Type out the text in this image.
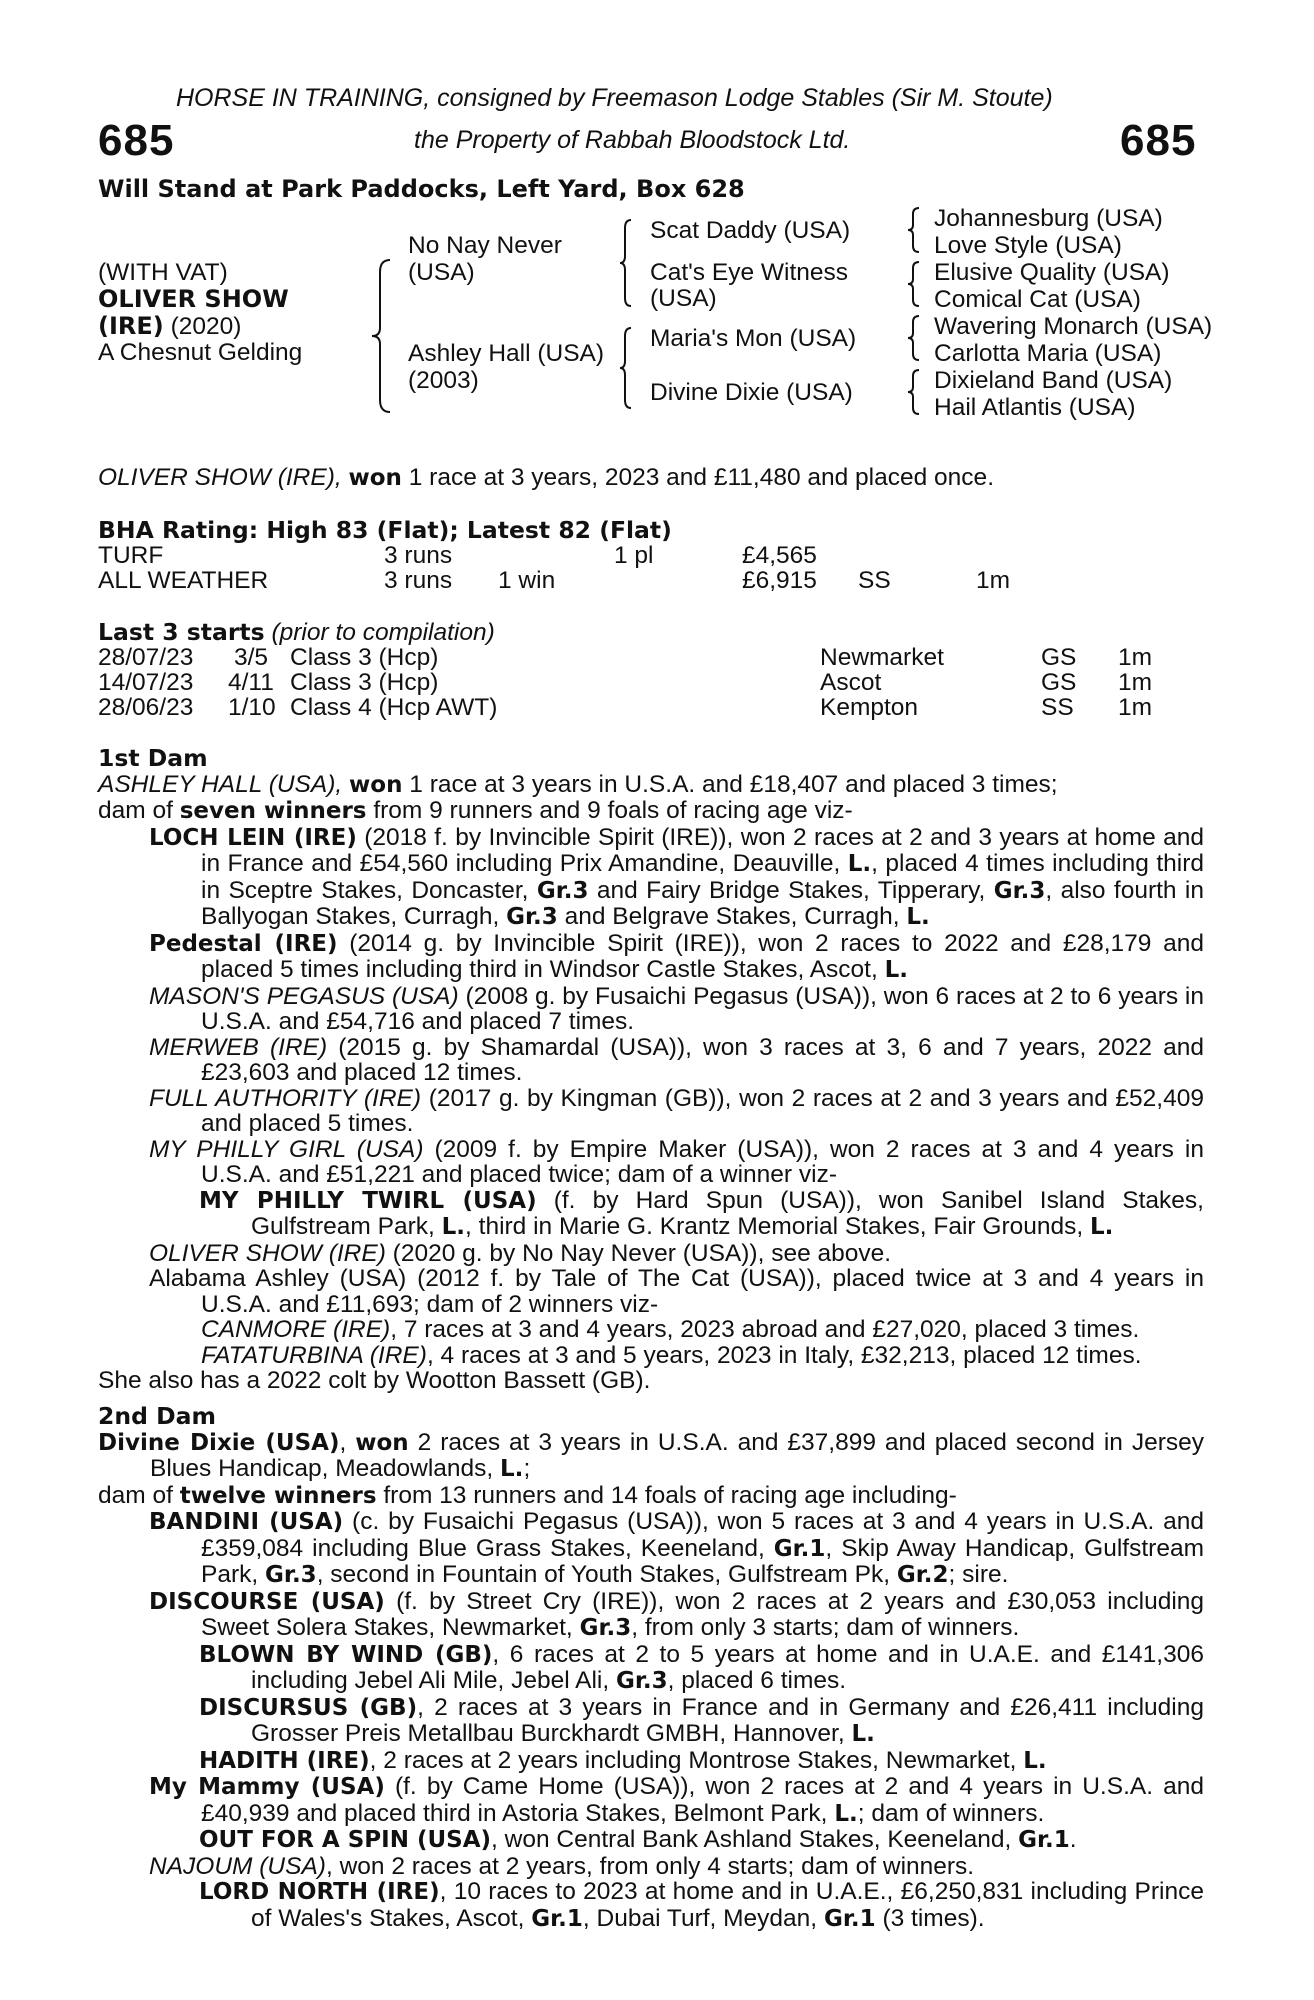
HORSE IN TRAINING, consigned by Freemason Lodge Stables (Sir M. Stoute)
685	the Property of Rabbah Bloodstock Ltd.	685
Will Stand at Park Paddocks, Left Yard, Box 628
(WITH VAT)
OLIVER SHOW
(IRE) (2020)
A Chesnut Gelding
No Nay Never
(USA)
Ashley Hall (USA)
(2003)
Scat Daddy (USA)
Cat's Eye Witness
(USA)
Maria's Mon (USA)
Divine Dixie (USA)
Johannesburg (USA)
Love Style (USA)
Elusive Quality (USA)
Comical Cat (USA)
Wavering Monarch (USA)
Carlotta Maria (USA)
Dixieland Band (USA)
Hail Atlantis (USA)
OLIVER SHOW (IRE), won 1 race at 3 years, 2023 and £11,480 and placed once.
BHA Rating: High 83 (Flat); Latest 82 (Flat)
TURF	3 runs	1 pl	£4,565
ALL WEATHER	3 runs 1 win	£6,915 SS	1m
Last 3 starts (prior to compilation)
28/07/23 3/5 Class 3 (Hcp)	Newmarket	GS 1m
14/07/23 4/11 Class 3 (Hcp)	Ascot	GS 1m
28/06/23 1/10 Class 4 (Hcp AWT)	Kempton	SS 1m

1st Dam

ASHLEY HALL (USA), won 1 race at 3 years in U.S.A. and £18,407 and placed 3 times;

dam of seven winners from 9 runners and 9 foals of racing age viz-

LOCH LEIN (IRE) (2018 f. by Invincible Spirit (IRE)), won 2 races at 2 and 3 years at home and in France and £54,560 including Prix Amandine, Deauville, L., placed 4 times including third in Sceptre Stakes, Doncaster, Gr.3 and Fairy Bridge Stakes, Tipperary, Gr.3, also fourth in Ballyogan Stakes, Curragh, Gr.3 and Belgrave Stakes, Curragh, L.

Pedestal (IRE) (2014 g. by Invincible Spirit (IRE)), won 2 races to 2022 and £28,179 and placed 5 times including third in Windsor Castle Stakes, Ascot, L.

MASON'S PEGASUS (USA) (2008 g. by Fusaichi Pegasus (USA)), won 6 races at 2 to 6 years in U.S.A. and £54,716 and placed 7 times.

MERWEB (IRE) (2015 g. by Shamardal (USA)), won 3 races at 3, 6 and 7 years, 2022 and £23,603 and placed 12 times.

FULL AUTHORITY (IRE) (2017 g. by Kingman (GB)), won 2 races at 2 and 3 years and £52,409 and placed 5 times.

MY PHILLY GIRL (USA) (2009 f. by Empire Maker (USA)), won 2 races at 3 and 4 years in U.S.A. and £51,221 and placed twice; dam of a winner viz-

MY PHILLY TWIRL (USA) (f. by Hard Spun (USA)), won Sanibel Island Stakes, Gulfstream Park, L., third in Marie G. Krantz Memorial Stakes, Fair Grounds, L.

OLIVER SHOW (IRE) (2020 g. by No Nay Never (USA)), see above.

Alabama Ashley (USA) (2012 f. by Tale of The Cat (USA)), placed twice at 3 and 4 years in U.S.A. and £11,693; dam of 2 winners viz-

CANMORE (IRE), 7 races at 3 and 4 years, 2023 abroad and £27,020, placed 3 times.

FATATURBINA (IRE), 4 races at 3 and 5 years, 2023 in Italy, £32,213, placed 12 times.

She also has a 2022 colt by Wootton Bassett (GB).

2nd Dam

Divine Dixie (USA), won 2 races at 3 years in U.S.A. and £37,899 and placed second in Jersey Blues Handicap, Meadowlands, L.;

dam of twelve winners from 13 runners and 14 foals of racing age including-

BANDINI (USA) (c. by Fusaichi Pegasus (USA)), won 5 races at 3 and 4 years in U.S.A. and £359,084 including Blue Grass Stakes, Keeneland, Gr.1, Skip Away Handicap, Gulfstream Park, Gr.3, second in Fountain of Youth Stakes, Gulfstream Pk, Gr.2; sire.

DISCOURSE (USA) (f. by Street Cry (IRE)), won 2 races at 2 years and £30,053 including Sweet Solera Stakes, Newmarket, Gr.3, from only 3 starts; dam of winners.

BLOWN BY WIND (GB), 6 races at 2 to 5 years at home and in U.A.E. and £141,306 including Jebel Ali Mile, Jebel Ali, Gr.3, placed 6 times.

DISCURSUS (GB), 2 races at 3 years in France and in Germany and £26,411 including Grosser Preis Metallbau Burckhardt GMBH, Hannover, L.

HADITH (IRE), 2 races at 2 years including Montrose Stakes, Newmarket, L.

My Mammy (USA) (f. by Came Home (USA)), won 2 races at 2 and 4 years in U.S.A. and £40,939 and placed third in Astoria Stakes, Belmont Park, L.; dam of winners.

OUT FOR A SPIN (USA), won Central Bank Ashland Stakes, Keeneland, Gr.1.

NAJOUM (USA), won 2 races at 2 years, from only 4 starts; dam of winners.

LORD NORTH (IRE), 10 races to 2023 at home and in U.A.E., £6,250,831 including Prince of Wales's Stakes, Ascot, Gr.1, Dubai Turf, Meydan, Gr.1 (3 times).
